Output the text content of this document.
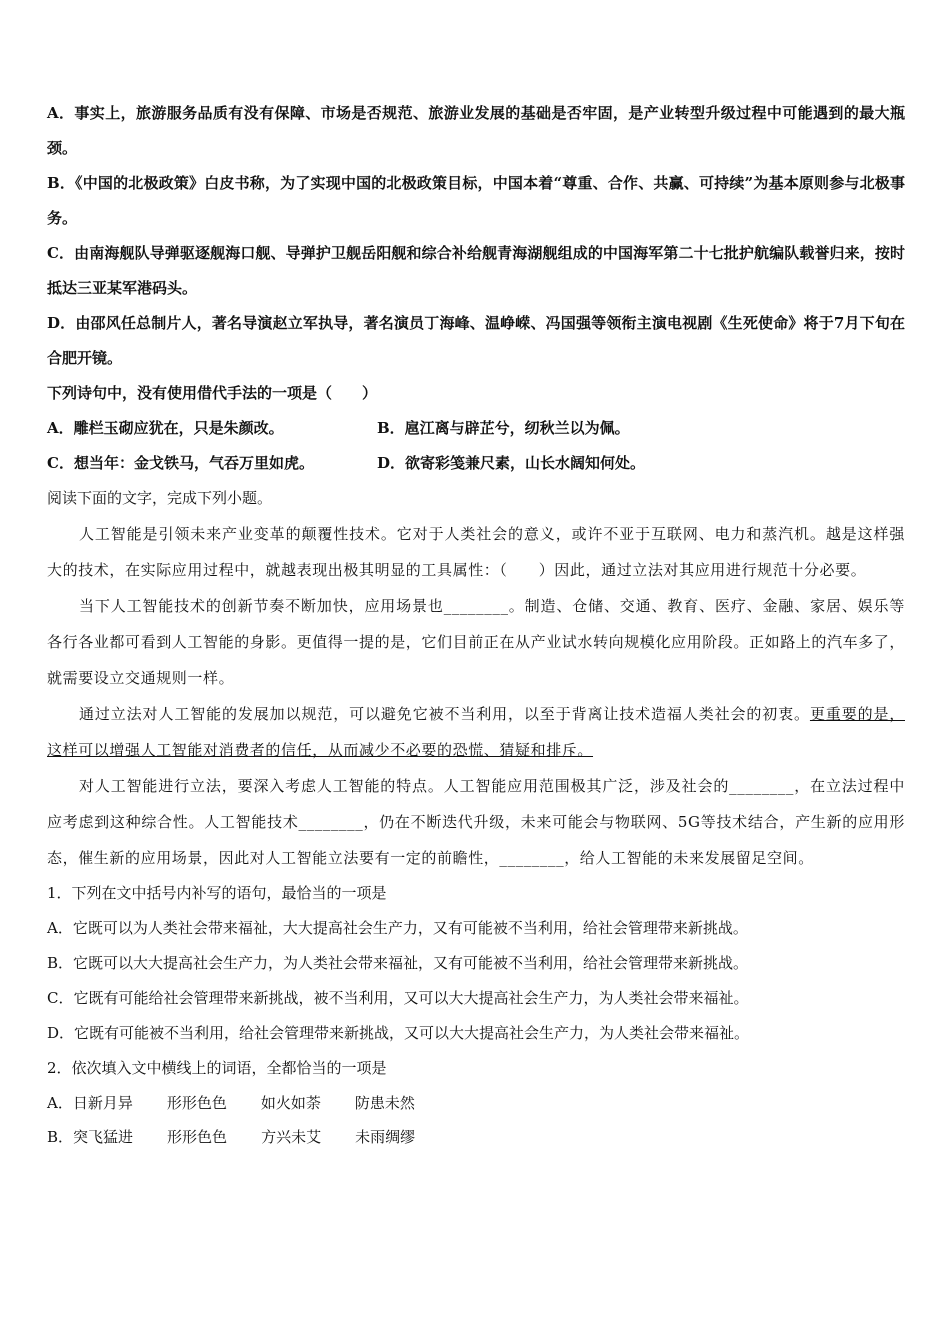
A．事实上，旅游服务品质有没有保障、市场是否规范、旅游业发展的基础是否牢固，是产业转型升级过程中可能遇到的最大瓶颈。

B．《中国的北极政策》白皮书称，为了实现中国的北极政策目标，中国本着“尊重、合作、共赢、可持续”为基本原则参与北极事务。

C．由南海舰队导弹驱逐舰海口舰、导弹护卫舰岳阳舰和综合补给舰青海湖舰组成的中国海军第二十七批护航编队载誉归来，按时抵达三亚某军港码头。

D．由邵风任总制片人，著名导演赵立军执导，著名演员丁海峰、温峥嵘、冯国强等领衔主演电视剧《生死使命》将于7月下旬在合肥开镜。

下列诗句中，没有使用借代手法的一项是（　　）

A．雕栏玉砌应犹在，只是朱颜改。	B．扈江离与辟芷兮，纫秋兰以为佩。
C．想当年：金戈铁马，气吞万里如虎。	D．欲寄彩笺兼尺素，山长水阔知何处。

阅读下面的文字，完成下列小题。

人工智能是引领未来产业变革的颠覆性技术。它对于人类社会的意义，或许不亚于互联网、电力和蒸汽机。越是这样强大的技术，在实际应用过程中，就越表现出极其明显的工具属性：（　　）因此，通过立法对其应用进行规范十分必要。

当下人工智能技术的创新节奏不断加快，应用场景也________。制造、仓储、交通、教育、医疗、金融、家居、娱乐等各行各业都可看到人工智能的身影。更值得一提的是，它们目前正在从产业试水转向规模化应用阶段。正如路上的汽车多了，就需要设立交通规则一样。

通过立法对人工智能的发展加以规范，可以避免它被不当利用，以至于背离让技术造福人类社会的初衷。更重要的是，这样可以增强人工智能对消费者的信任，从而减少不必要的恐慌、猜疑和排斥。

对人工智能进行立法，要深入考虑人工智能的特点。人工智能应用范围极其广泛，涉及社会的________，在立法过程中应考虑到这种综合性。人工智能技术________，仍在不断迭代升级，未来可能会与物联网、5G等技术结合，产生新的应用形态，催生新的应用场景，因此对人工智能立法要有一定的前瞻性，________，给人工智能的未来发展留足空间。

1．下列在文中括号内补写的语句，最恰当的一项是

A．它既可以为人类社会带来福祉，大大提高社会生产力，又有可能被不当利用，给社会管理带来新挑战。

B．它既可以大大提高社会生产力，为人类社会带来福祉，又有可能被不当利用，给社会管理带来新挑战。

C．它既有可能给社会管理带来新挑战，被不当利用，又可以大大提高社会生产力，为人类社会带来福祉。

D．它既有可能被不当利用，给社会管理带来新挑战，又可以大大提高社会生产力，为人类社会带来福祉。

2．依次填入文中横线上的词语，全都恰当的一项是

A． 日新月异 形形色色 如火如荼 防患未然
B． 突飞猛进 形形色色 方兴未艾 未雨绸缪
